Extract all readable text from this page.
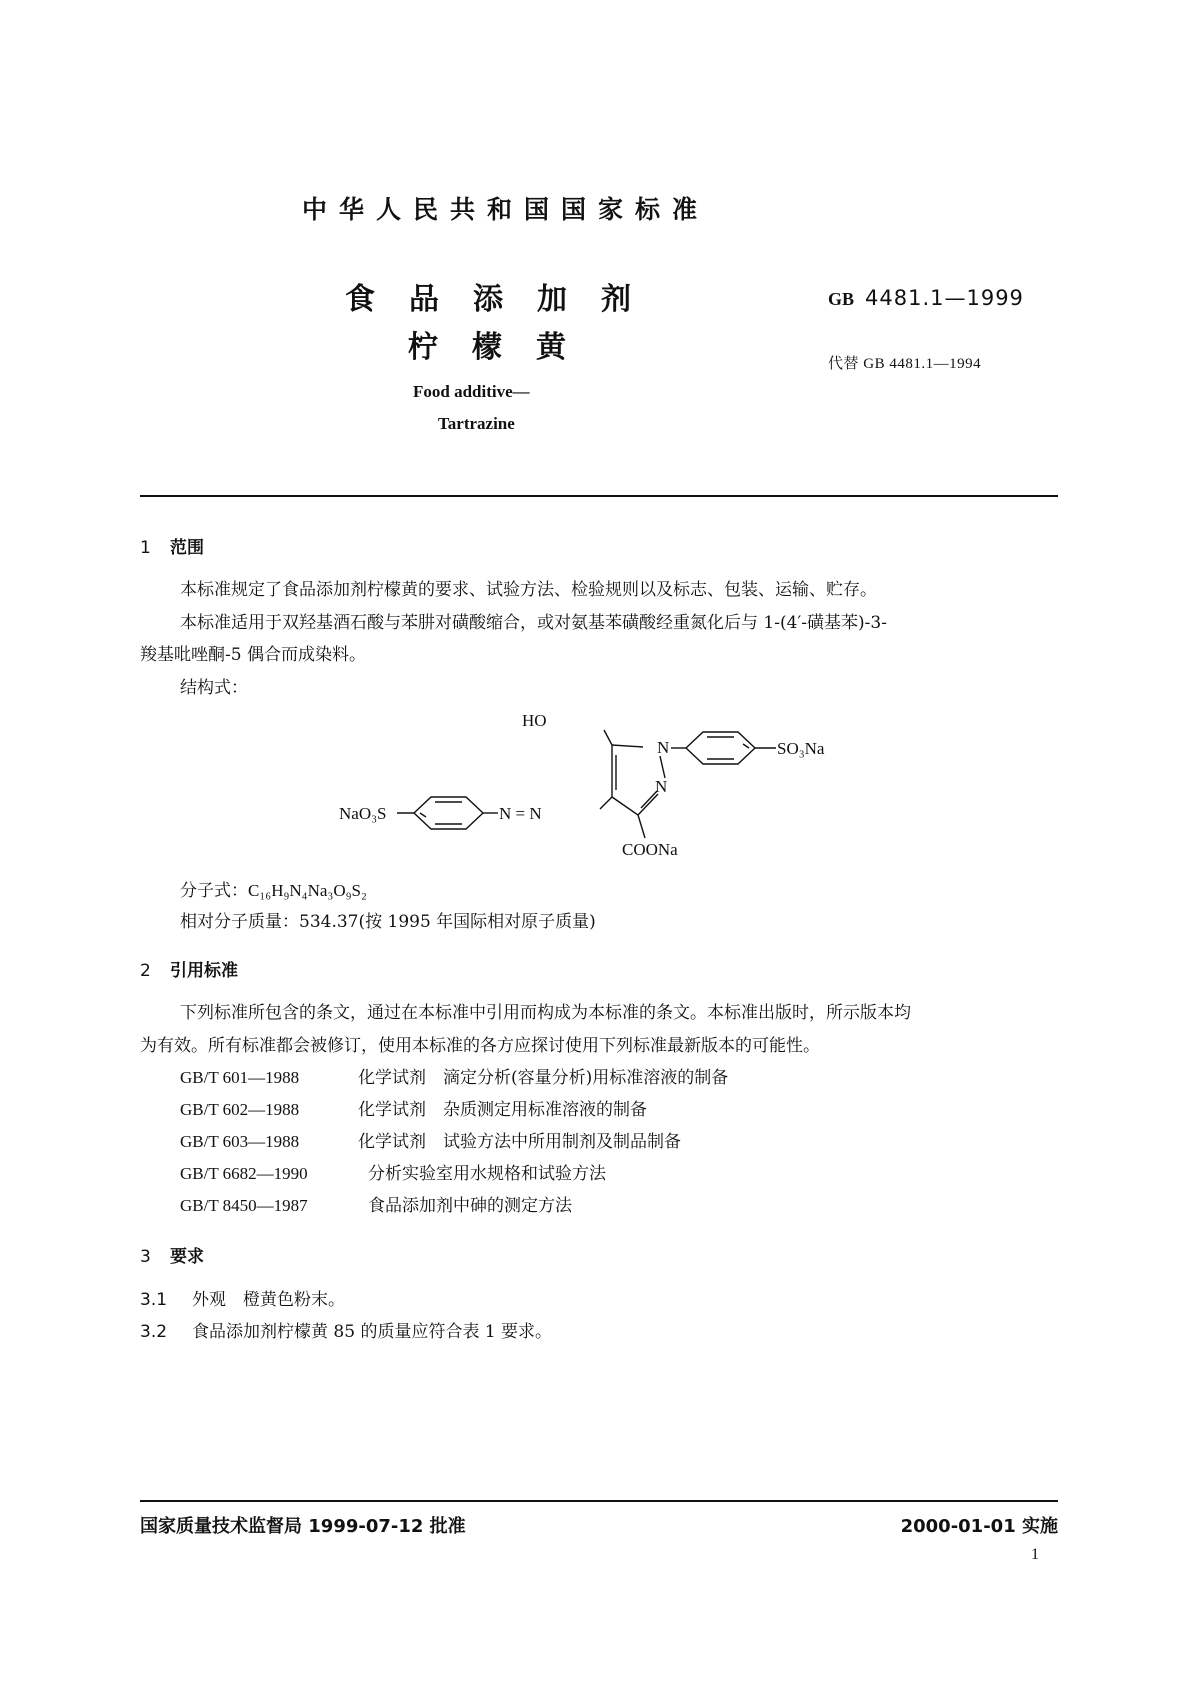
中华人民共和国国家标准
食品添加剂
柠檬黄
GB 4481.1—1999
代替 GB 4481.1—1994
Food additive—
Tartrazine
1 范围
本标准规定了食品添加剂柠檬黄的要求、试验方法、检验规则以及标志、包装、运输、贮存。
本标准适用于双羟基酒石酸与苯肼对磺酸缩合，或对氨基苯磺酸经重氮化后与 1-(4′-磺基苯)-3-
羧基吡唑酮-5 偶合而成染料。
结构式：
HO
N
N
SO₃Na
NaO₃S	N = N
COONa
分子式：C₁₆H₉N₄Na₃O₉S₂
相对分子质量：534.37(按 1995 年国际相对原子质量)
2 引用标准
下列标准所包含的条文，通过在本标准中引用而构成为本标准的条文。本标准出版时，所示版本均
为有效。所有标准都会被修订，使用本标准的各方应探讨使用下列标准最新版本的可能性。
GB/T 601—1988	化学试剂　滴定分析(容量分析)用标准溶液的制备
GB/T 602—1988	化学试剂　杂质测定用标准溶液的制备
GB/T 603—1988	化学试剂　试验方法中所用制剂及制品制备
GB/T 6682—1990	分析实验室用水规格和试验方法
GB/T 8450—1987	食品添加剂中砷的测定方法
3 要求
3.1 外观　橙黄色粉末。
3.2 食品添加剂柠檬黄 85 的质量应符合表 1 要求。
国家质量技术监督局 1999-07-12 批准	2000-01-01 实施
1
